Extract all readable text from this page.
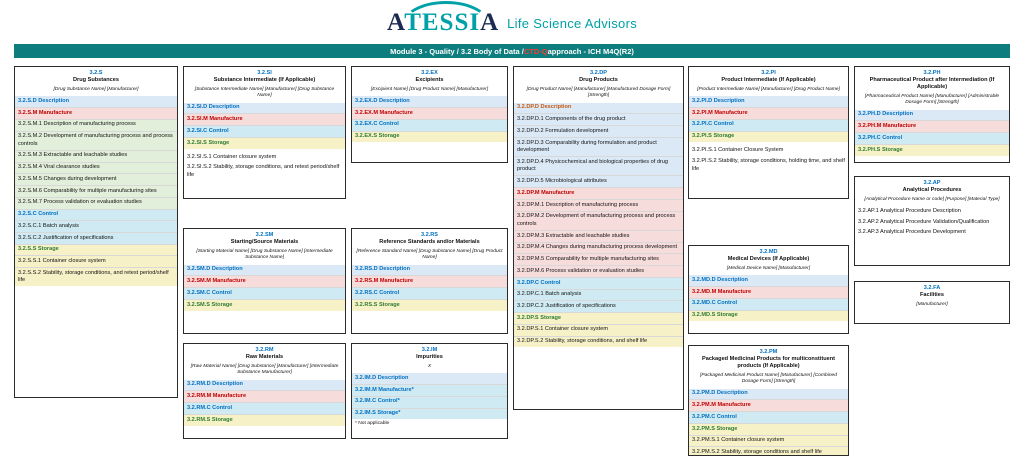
ATESSIA Life Science Advisors
Module 3 - Quality / 3.2 Body of Data / CTD-Q approach - ICH M4Q(R2)
3.2.S
Drug Substances
[Drug Substance Name] [Manufacturer]
3.2.S.D Description
3.2.S.M Manufacture
3.2.S.M.1 Description of manufacturing process
3.2.S.M.2 Development of manufacturing process and process controls
3.2.S.M.3 Extractable and leachable studies
3.2.S.M.4 Viral clearance studies
3.2.S.M.5 Changes during development
3.2.S.M.6 Comparability for multiple manufacturing sites
3.2.S.M.7 Process validation or evaluation studies
3.2.S.C Control
3.2.S.C.1 Batch analysis
3.2.S.C.2 Justification of specifications
3.2.S.S Storage
3.2.S.S.1 Container closure system
3.2.S.S.2 Stability, storage conditions, and retest period/shelf life
3.2.SI
Substance Intermediate (If Applicable)
[Substance Intermediate Name] [Manufacturer] [Drug Substance Name]
3.2.SI.D Description
3.2.SI.M Manufacture
3.2.SI.C Control
3.2.SI.S Storage
3.2.SI.S.1 Container closure system
3.2.SI.S.2 Stability, storage conditions, and retest period/shelf life
3.2.SM
Starting/Source Materials
[Starting Material Name] [Drug Substance Name] [Intermediate Substance Name]
3.2.SM.D Description
3.2.SM.M Manufacture
3.2.SM.C Control
3.2.SM.S Storage
3.2.RM
Raw Materials
[Raw Material Name] [Drug Substance] [Manufacturer] [Intermediate Substance Manufacturer]
3.2.RM.D Description
3.2.RM.M Manufacture
3.2.RM.C Control
3.2.RM.S Storage
3.2.EX
Excipients
[Excipient Name] [Drug Product Name] [Manufacturer]
3.2.EX.D Description
3.2.EX.M Manufacture
3.2.EX.C Control
3.2.EX.S Storage
3.2.RS
Reference Standards and/or Materials
[Reference Standard Name] [Drug Substance Name] [Drug Product Name]
3.2.RS.D Description
3.2.RS.M Manufacture
3.2.RS.C Control
3.2.RS.S Storage
3.2.IM
Impurities
X
3.2.IM.D Description
3.2.IM.M Manufacture*
3.2.IM.C Control*
3.2.IM.S Storage*
* Not applicable
3.2.DP
Drug Products
[Drug Product Name] [Manufacturer] [Manufactured Dosage Form] [Strength]
3.2.DP.D Description
3.2.DP.D.1 Components of the drug product
3.2.DP.D.2 Formulation development
3.2.DP.D.3 Comparability during formulation and product development
3.2.DP.D.4 Physicochemical and biological properties of drug product
3.2.DP.D.5 Microbiological attributes
3.2.DP.M Manufacture
3.2.DP.M.1 Description of manufacturing process
3.2.DP.M.2 Development of manufacturing process and process controls
3.2.DP.M.3 Extractable and leachable studies
3.2.DP.M.4 Changes during manufacturing process development
3.2.DP.M.5 Comparability for multiple manufacturing sites
3.2.DP.M.6 Process validation or evaluation studies
3.2.DP.C Control
3.2.DP.C.1 Batch analysis
3.2.DP.C.2 Justification of specifications
3.2.DP.S Storage
3.2.DP.S.1 Container closure system
3.2.DP.S.2 Stability, storage conditions, and shelf life
3.2.PI
Product Intermediate (If Applicable)
[Product Intermediate Name] [Manufacturer] [Drug Product Name]
3.2.PI.D Description
3.2.PI.M Manufacture
3.2.PI.C Control
3.2.PI.S Storage
3.2.PI.S.1 Container Closure System
3.2.PI.S.2 Stability, storage conditions, holding time, and shelf life
3.2.MD
Medical Devices (If Applicable)
[Medical Device Name] [Manufacturer]
3.2.MD.D Description
3.2.MD.M Manufacture
3.2.MD.C Control
3.2.MD.S Storage
3.2.PM
Packaged Medicinal Products for multiconstituent products (If Applicable)
[Packaged Medicinal Product Name] [Manufacturer] [Combined Dosage Form] [Strength]
3.2.PM.D Description
3.2.PM.M Manufacture
3.2.PM.C Control
3.2.PM.S Storage
3.2.PM.S.1 Container closure system
3.2.PM.S.2 Stability, storage conditions and shelf life
3.2.PH
Pharmaceutical Product after Intermediation (If Applicable)
[Pharmaceutical Product Name] [Manufacturer] [Administrable Dosage Form] [Strength]
3.2.PH.D Description
3.2.PH.M Manufacture
3.2.PH.C Control
3.2.PH.S Storage
3.2.AP
Analytical Procedures
[Analytical Procedure Name or code] [Purpose] [Material Type]
3.2.AP.1 Analytical Procedure Description
3.2.AP.2 Analytical Procedure Validation/Qualification
3.2.AP.3 Analytical Procedure Development
3.2.FA
Facilities
[Manufacturer]
